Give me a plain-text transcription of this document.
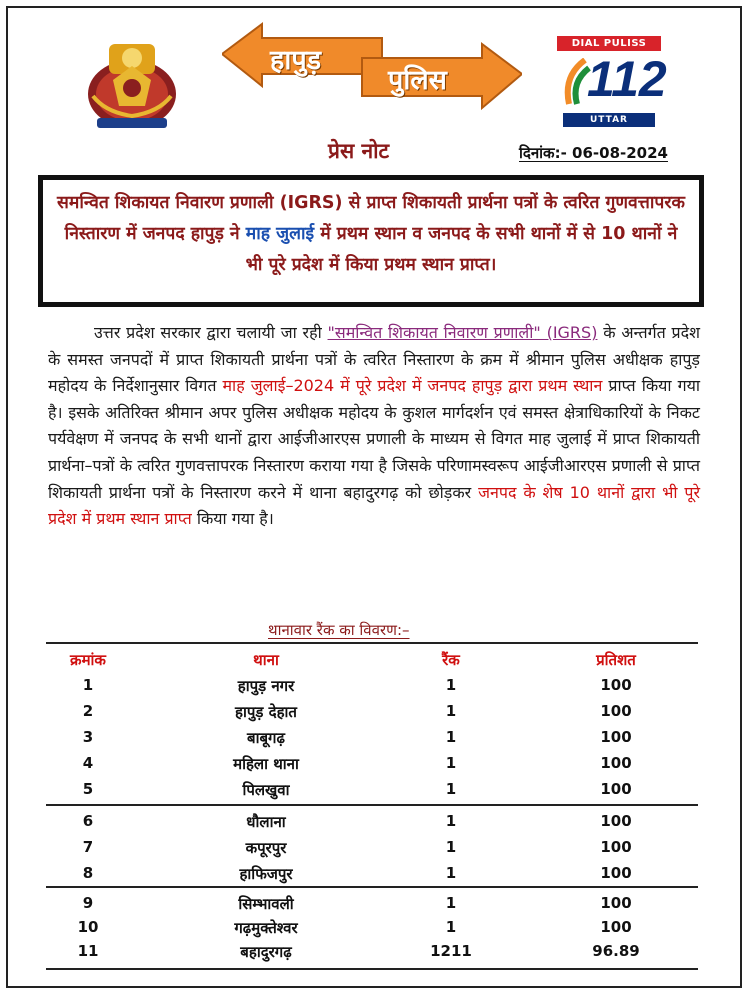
हापुड़
पुलिस
DIAL PULISS
112
UTTAR PRADESH
प्रेस नोट	दिनांक:- 06-08-2024
समन्वित शिकायत निवारण प्रणाली (IGRS) से प्राप्त शिकायती प्रार्थना पत्रों के त्वरित गुणवत्तापरक निस्तारण में जनपद हापुड़ ने माह जुलाई में प्रथम स्थान व जनपद के सभी थानों में से 10 थानों ने भी पूरे प्रदेश में किया प्रथम स्थान प्राप्त।
उत्तर प्रदेश सरकार द्वारा चलायी जा रही "समन्वित शिकायत निवारण प्रणाली" (IGRS) के अन्तर्गत प्रदेश के समस्त जनपदों में प्राप्त शिकायती प्रार्थना पत्रों के त्वरित निस्तारण के क्रम में श्रीमान पुलिस अधीक्षक हापुड़ महोदय के निर्देशानुसार विगत माह जुलाई–2024 में पूरे प्रदेश में जनपद हापुड़ द्वारा प्रथम स्थान प्राप्त किया गया है। इसके अतिरिक्त श्रीमान अपर पुलिस अधीक्षक महोदय के कुशल मार्गदर्शन एवं समस्त क्षेत्राधिकारियों के निकट पर्यवेक्षण में जनपद के सभी थानों द्वारा आईजीआरएस प्रणाली के माध्यम से विगत माह जुलाई में प्राप्त शिकायती प्रार्थना–पत्रों के त्वरित गुणवत्तापरक निस्तारण कराया गया है जिसके परिणामस्वरूप आईजीआरएस प्रणाली से प्राप्त शिकायती प्रार्थना पत्रों के निस्तारण करने में थाना बहादुरगढ़ को छोड़कर जनपद के शेष 10 थानों द्वारा भी पूरे प्रदेश में प्रथम स्थान प्राप्त किया गया है।
थानावार रैंक का विवरण:–
क्रमांक	थाना	रैंक	प्रतिशत
1	हापुड़ नगर	1	100
2	हापुड़ देहात	1	100
3	बाबूगढ़	1	100
4	महिला थाना	1	100
5	पिलखुवा	1	100
6	धौलाना	1	100
7	कपूरपुर	1	100
8	हाफिजपुर	1	100
9	सिम्भावली	1	100
10	गढ़मुक्तेश्वर	1	100
11	बहादुरगढ़	1211	96.89
